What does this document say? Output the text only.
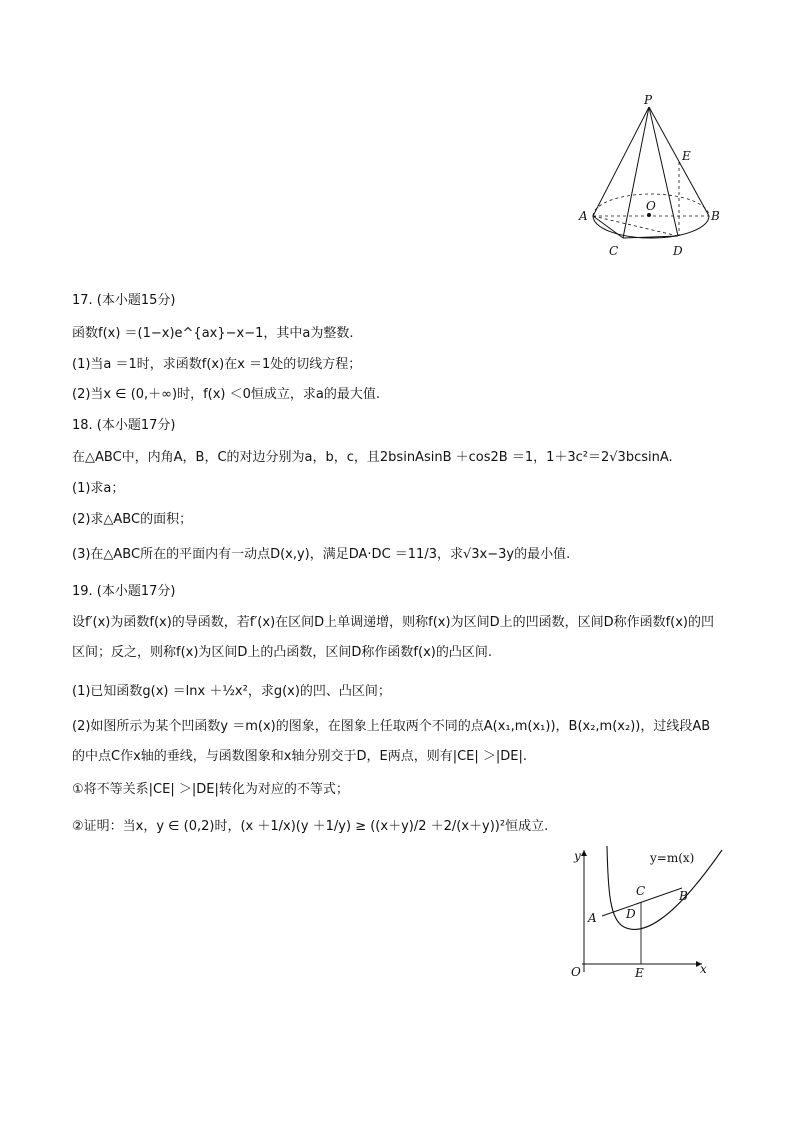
P
E
O
A	B
C	D
17. (本小题15分)
函数f(x) ＝(1−x)e^{ax}−x−1，其中a为整数.
(1)当a ＝1时，求函数f(x)在x ＝1处的切线方程；
(2)当x ∈ (0,＋∞)时，f(x) ＜0恒成立，求a的最大值.
18. (本小题17分)
在△ABC中，内角A，B，C的对边分别为a，b，c，且2bsinAsinB ＋cos2B ＝1，1＋3c²＝2√3bcsinA.
(1)求a；
(2)求△ABC的面积；
(3)在△ABC所在的平面内有一动点D(x,y)，满足DA·DC ＝11/3，求√3x−3y的最小值.
19. (本小题17分)
设f′(x)为函数f(x)的导函数，若f′(x)在区间D上单调递增，则称f(x)为区间D上的凹函数，区间D称作函数f(x)的凹区间；反之，则称f(x)为区间D上的凸函数，区间D称作函数f(x)的凸区间.
(1)已知函数g(x) ＝lnx ＋½x²，求g(x)的凹、凸区间；
(2)如图所示为某个凹函数y ＝m(x)的图象，在图象上任取两个不同的点A(x₁,m(x₁))，B(x₂,m(x₂))，过线段AB的中点C作x轴的垂线，与函数图象和x轴分别交于D，E两点，则有|CE| ＞|DE|.
①将不等关系|CE| ＞|DE|转化为对应的不等式；
②证明：当x，y ∈ (0,2)时，(x ＋1/x)(y ＋1/y) ≥ ((x＋y)/2 ＋2/(x＋y))²恒成立.
y
x
O
y=m(x)
A
B
C
D
E
